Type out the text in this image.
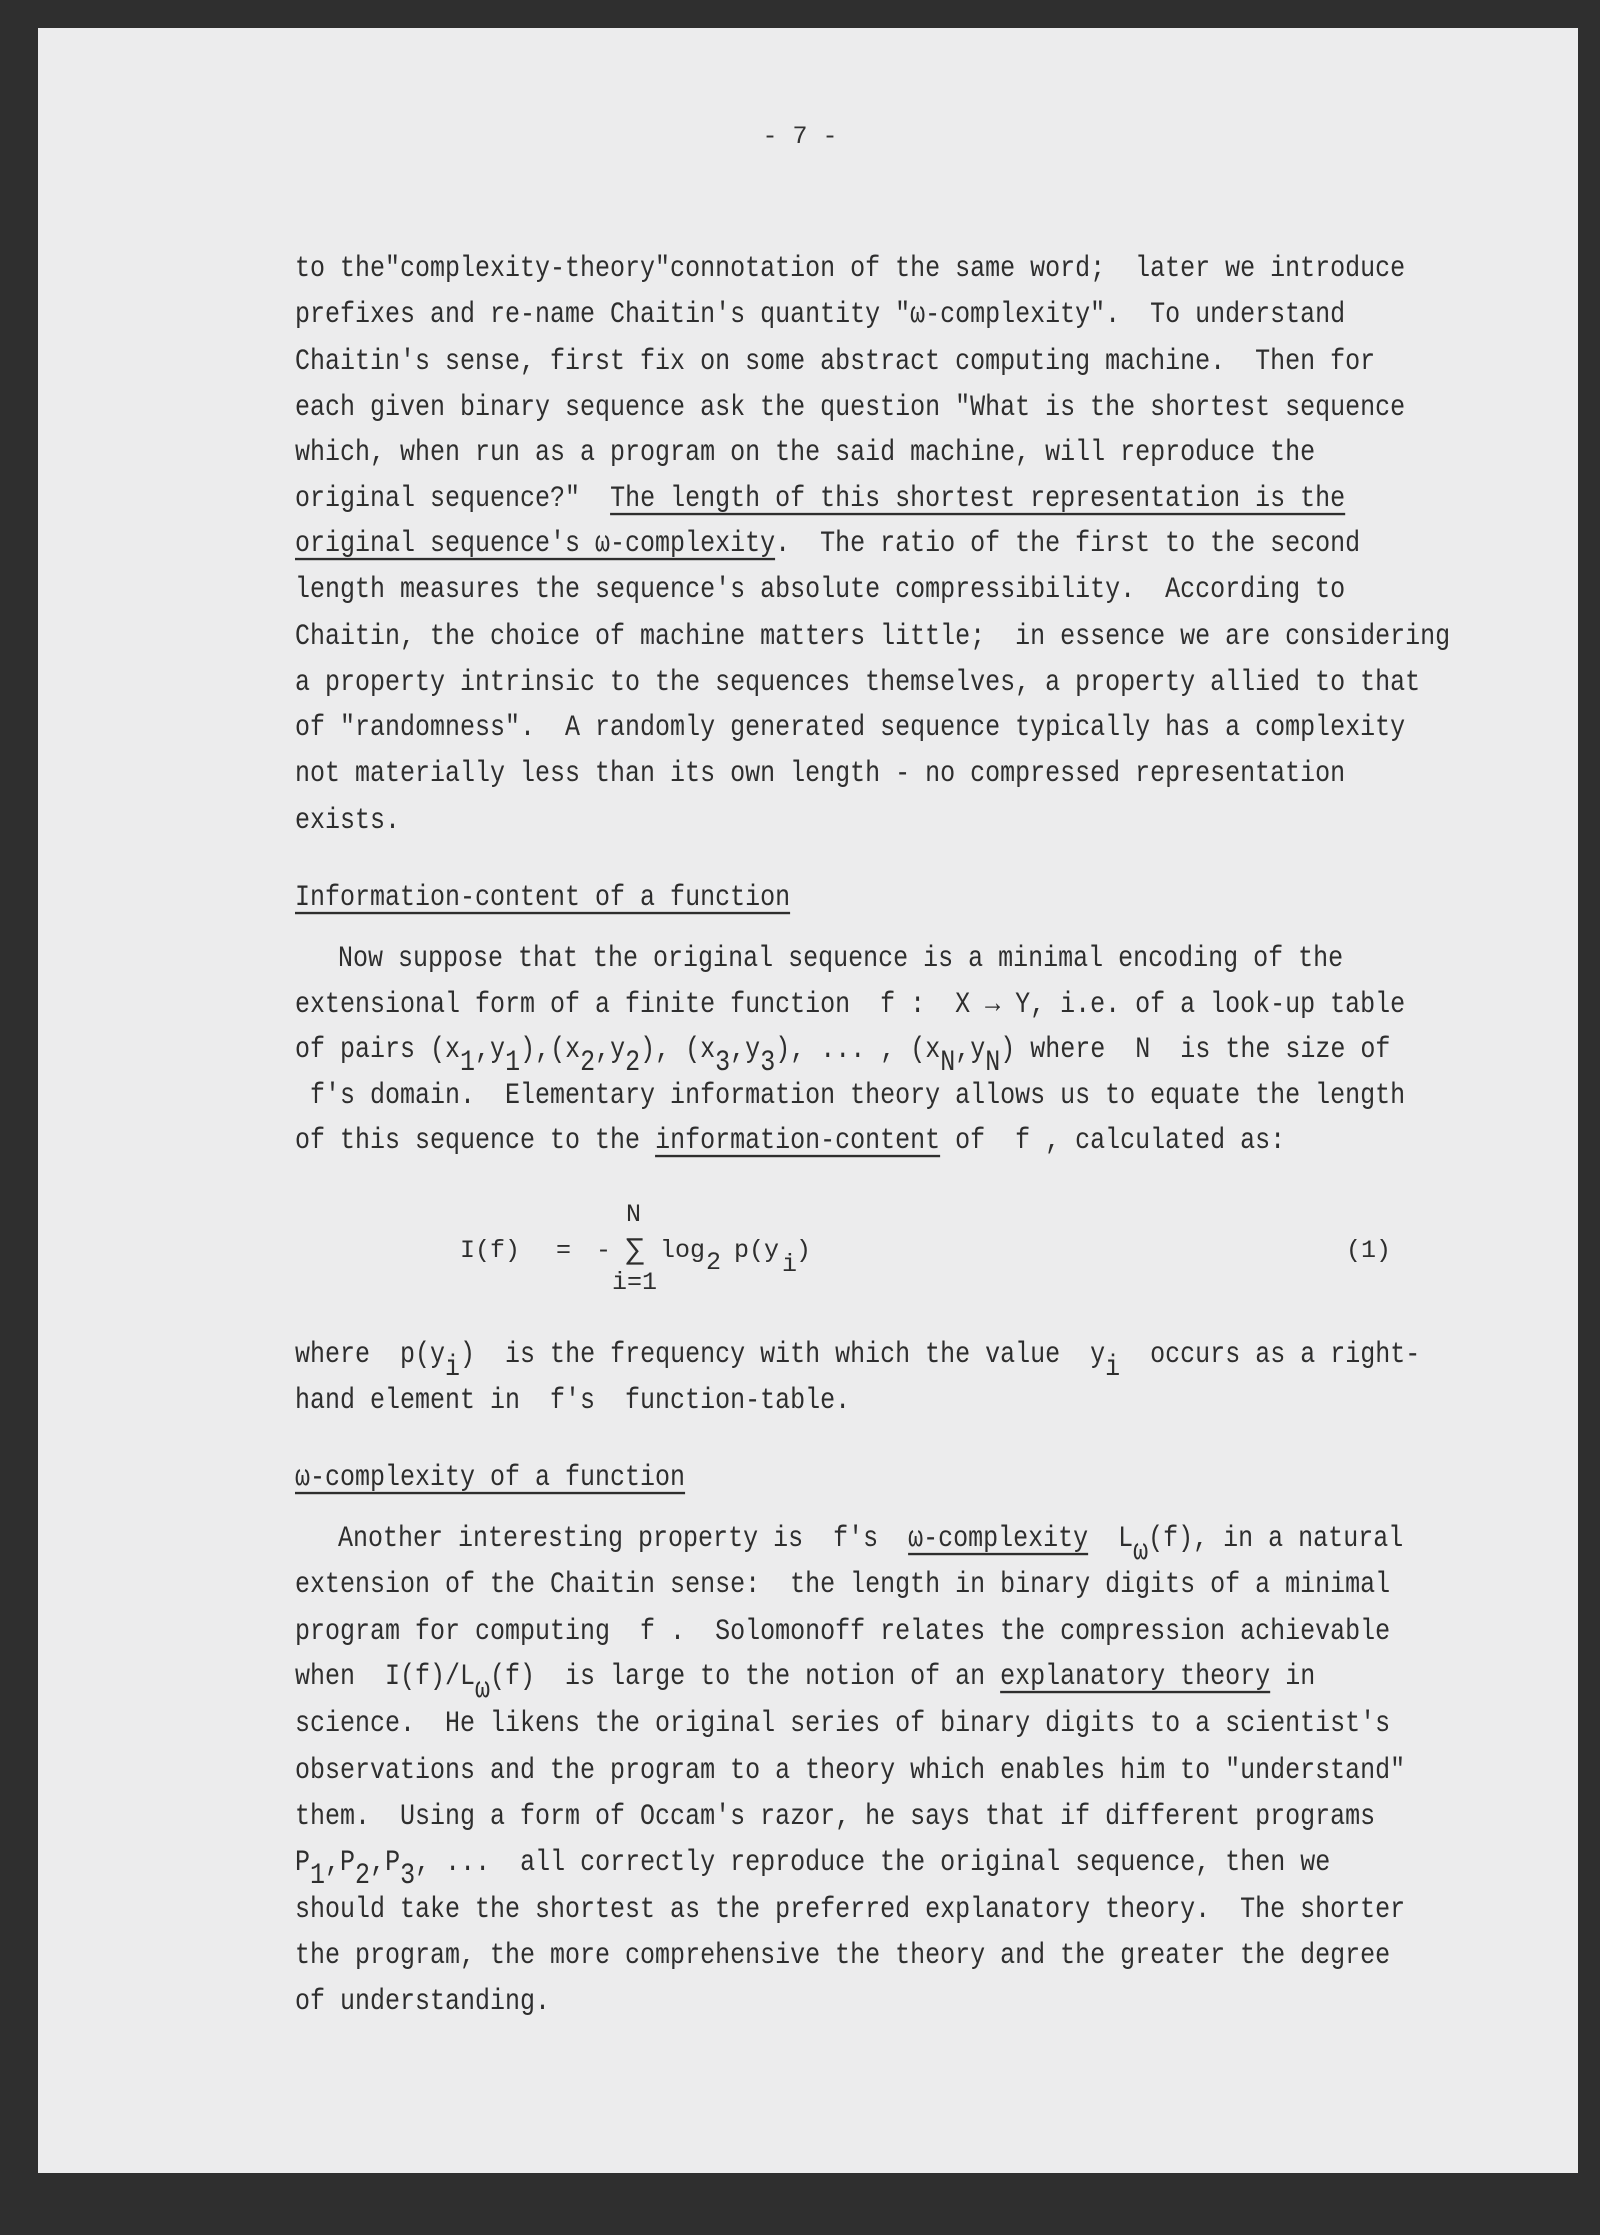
- 7 -
to the"complexity-theory"connotation of the same word;  later we introduce
prefixes and re-name Chaitin's quantity "ω-complexity".  To understand
Chaitin's sense, first fix on some abstract computing machine.  Then for
each given binary sequence ask the question "What is the shortest sequence
which, when run as a program on the said machine, will reproduce the
original sequence?"  The length of this shortest representation is the
original sequence's ω-complexity.  The ratio of the first to the second
length measures the sequence's absolute compressibility.  According to
Chaitin, the choice of machine matters little;  in essence we are considering
a property intrinsic to the sequences themselves, a property allied to that
of "randomness".  A randomly generated sequence typically has a complexity
not materially less than its own length - no compressed representation
exists.
Information-content of a function
Now suppose that the original sequence is a minimal encoding of the
extensional form of a finite function  f :  X → Y, i.e. of a look-up table
of pairs (x1,y1),(x2,y2), (x3,y3), ... , (xN,yN) where  N  is the size of
f's domain.  Elementary information theory allows us to equate the length
of this sequence to the information-content of  f , calculated as:
where  p(yi)  is the frequency with which the value  yi  occurs as a right-
hand element in  f's  function-table.
ω-complexity of a function
Another interesting property is  f's  ω-complexity  Lω(f), in a natural
extension of the Chaitin sense:  the length in binary digits of a minimal
program for computing  f .  Solomonoff relates the compression achievable
when  I(f)/Lω(f)  is large to the notion of an explanatory theory in
science.  He likens the original series of binary digits to a scientist's
observations and the program to a theory which enables him to "understand"
them.  Using a form of Occam's razor, he says that if different programs
P1,P2,P3, ...  all correctly reproduce the original sequence, then we
should take the shortest as the preferred explanatory theory.  The shorter
the program, the more comprehensive the theory and the greater the degree
of understanding.
I(f) = -
N
∑
i=1
log 2 p(y i
)	(1)
